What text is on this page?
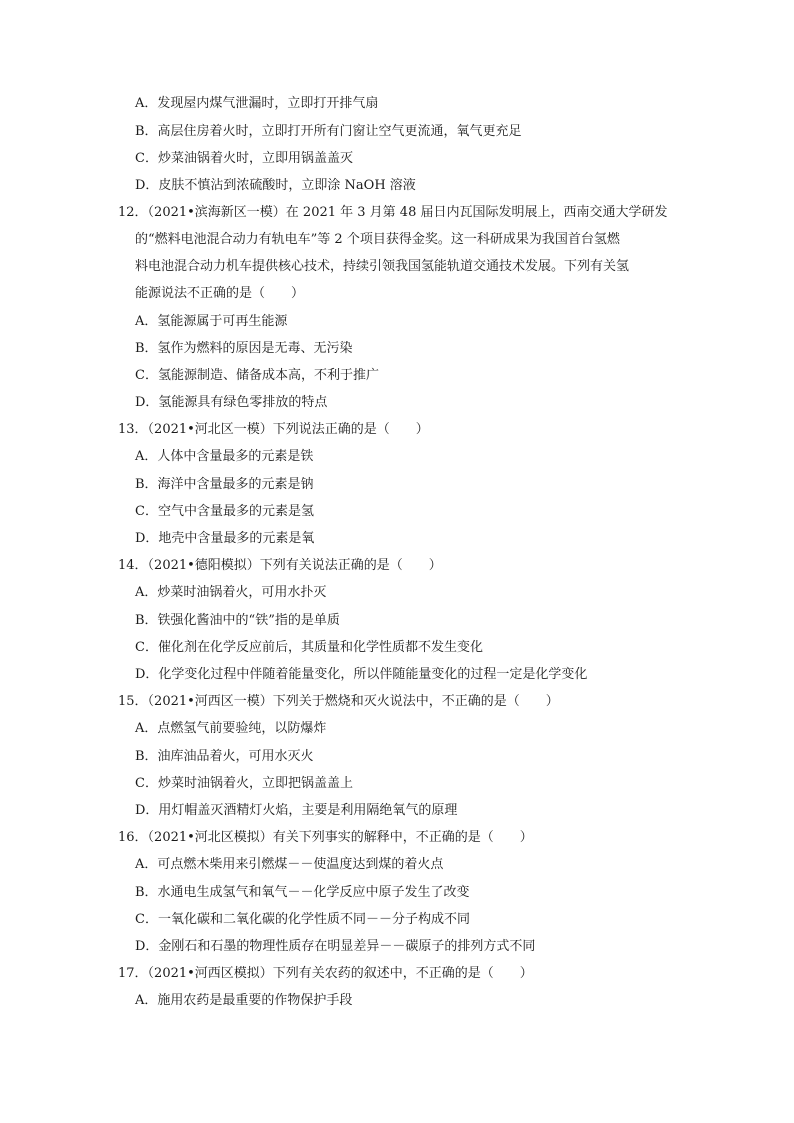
A．发现屋内煤气泄漏时，立即打开排气扇
B．高层住房着火时，立即打开所有门窗让空气更流通，氧气更充足
C．炒菜油锅着火时，立即用锅盖盖灭
D．皮肤不慎沾到浓硫酸时，立即涂 NaOH 溶液
12．（2021•滨海新区一模）在 2021 年 3 月第 48 届日内瓦国际发明展上，西南交通大学研发
的“燃料电池混合动力有轨电车”等 2 个项目获得金奖。这一科研成果为我国首台氢燃
料电池混合动力机车提供核心技术，持续引领我国氢能轨道交通技术发展。下列有关氢
能源说法不正确的是（　　）
A．氢能源属于可再生能源
B．氢作为燃料的原因是无毒、无污染
C．氢能源制造、储备成本高，不利于推广
D．氢能源具有绿色零排放的特点
13．（2021•河北区一模）下列说法正确的是（　　）
A．人体中含量最多的元素是铁
B．海洋中含量最多的元素是钠
C．空气中含量最多的元素是氢
D．地壳中含量最多的元素是氧
14．（2021•德阳模拟）下列有关说法正确的是（　　）
A．炒菜时油锅着火，可用水扑灭
B．铁强化酱油中的“铁”指的是单质
C．催化剂在化学反应前后，其质量和化学性质都不发生变化
D．化学变化过程中伴随着能量变化，所以伴随能量变化的过程一定是化学变化
15．（2021•河西区一模）下列关于燃烧和灭火说法中，不正确的是（　　）
A．点燃氢气前要验纯，以防爆炸
B．油库油品着火，可用水灭火
C．炒菜时油锅着火，立即把锅盖盖上
D．用灯帽盖灭酒精灯火焰，主要是利用隔绝氧气的原理
16．（2021•河北区模拟）有关下列事实的解释中，不正确的是（　　）
A．可点燃木柴用来引燃煤－－使温度达到煤的着火点
B．水通电生成氢气和氧气－－化学反应中原子发生了改变
C．一氧化碳和二氧化碳的化学性质不同－－分子构成不同
D．金刚石和石墨的物理性质存在明显差异－－碳原子的排列方式不同
17．（2021•河西区模拟）下列有关农药的叙述中，不正确的是（　　）
A．施用农药是最重要的作物保护手段
